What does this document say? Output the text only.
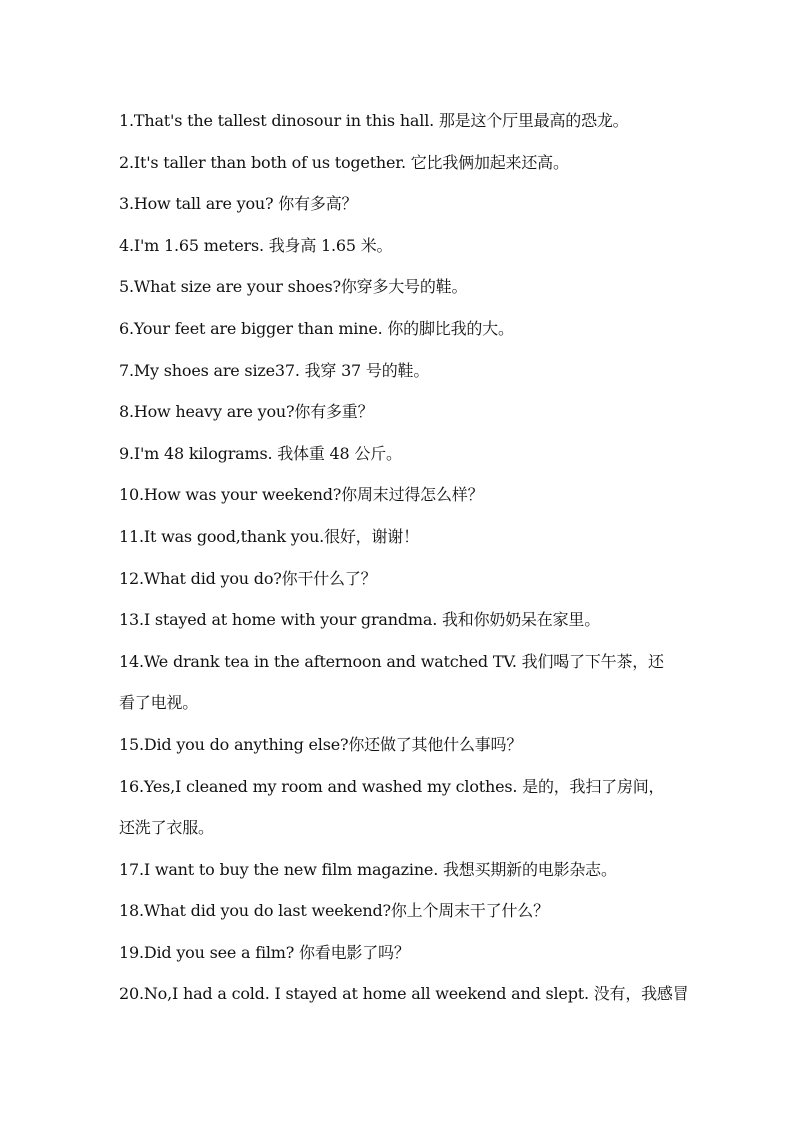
1.That's the tallest dinosour in this hall. 那是这个厅里最高的恐龙。
2.It's taller than both of us together. 它比我俩加起来还高。
3.How tall are you? 你有多高？
4.I'm 1.65 meters. 我身高 1.65 米。
5.What size are your shoes?你穿多大号的鞋。
6.Your feet are bigger than mine. 你的脚比我的大。
7.My shoes are size37. 我穿 37 号的鞋。
8.How heavy are you?你有多重？
9.I'm 48 kilograms. 我体重 48 公斤。
10.How was your weekend?你周末过得怎么样？
11.It was good,thank you.很好，谢谢！
12.What did you do?你干什么了？
13.I stayed at home with your grandma. 我和你奶奶呆在家里。
14.We drank tea in the afternoon and watched TV. 我们喝了下午茶，还
看了电视。
15.Did you do anything else?你还做了其他什么事吗？
16.Yes,I cleaned my room and washed my clothes. 是的，我扫了房间，
还洗了衣服。
17.I want to buy the new film magazine. 我想买期新的电影杂志。
18.What did you do last weekend?你上个周末干了什么？
19.Did you see a film? 你看电影了吗？
20.No,I had a cold. I stayed at home all weekend and slept. 没有，我感冒
